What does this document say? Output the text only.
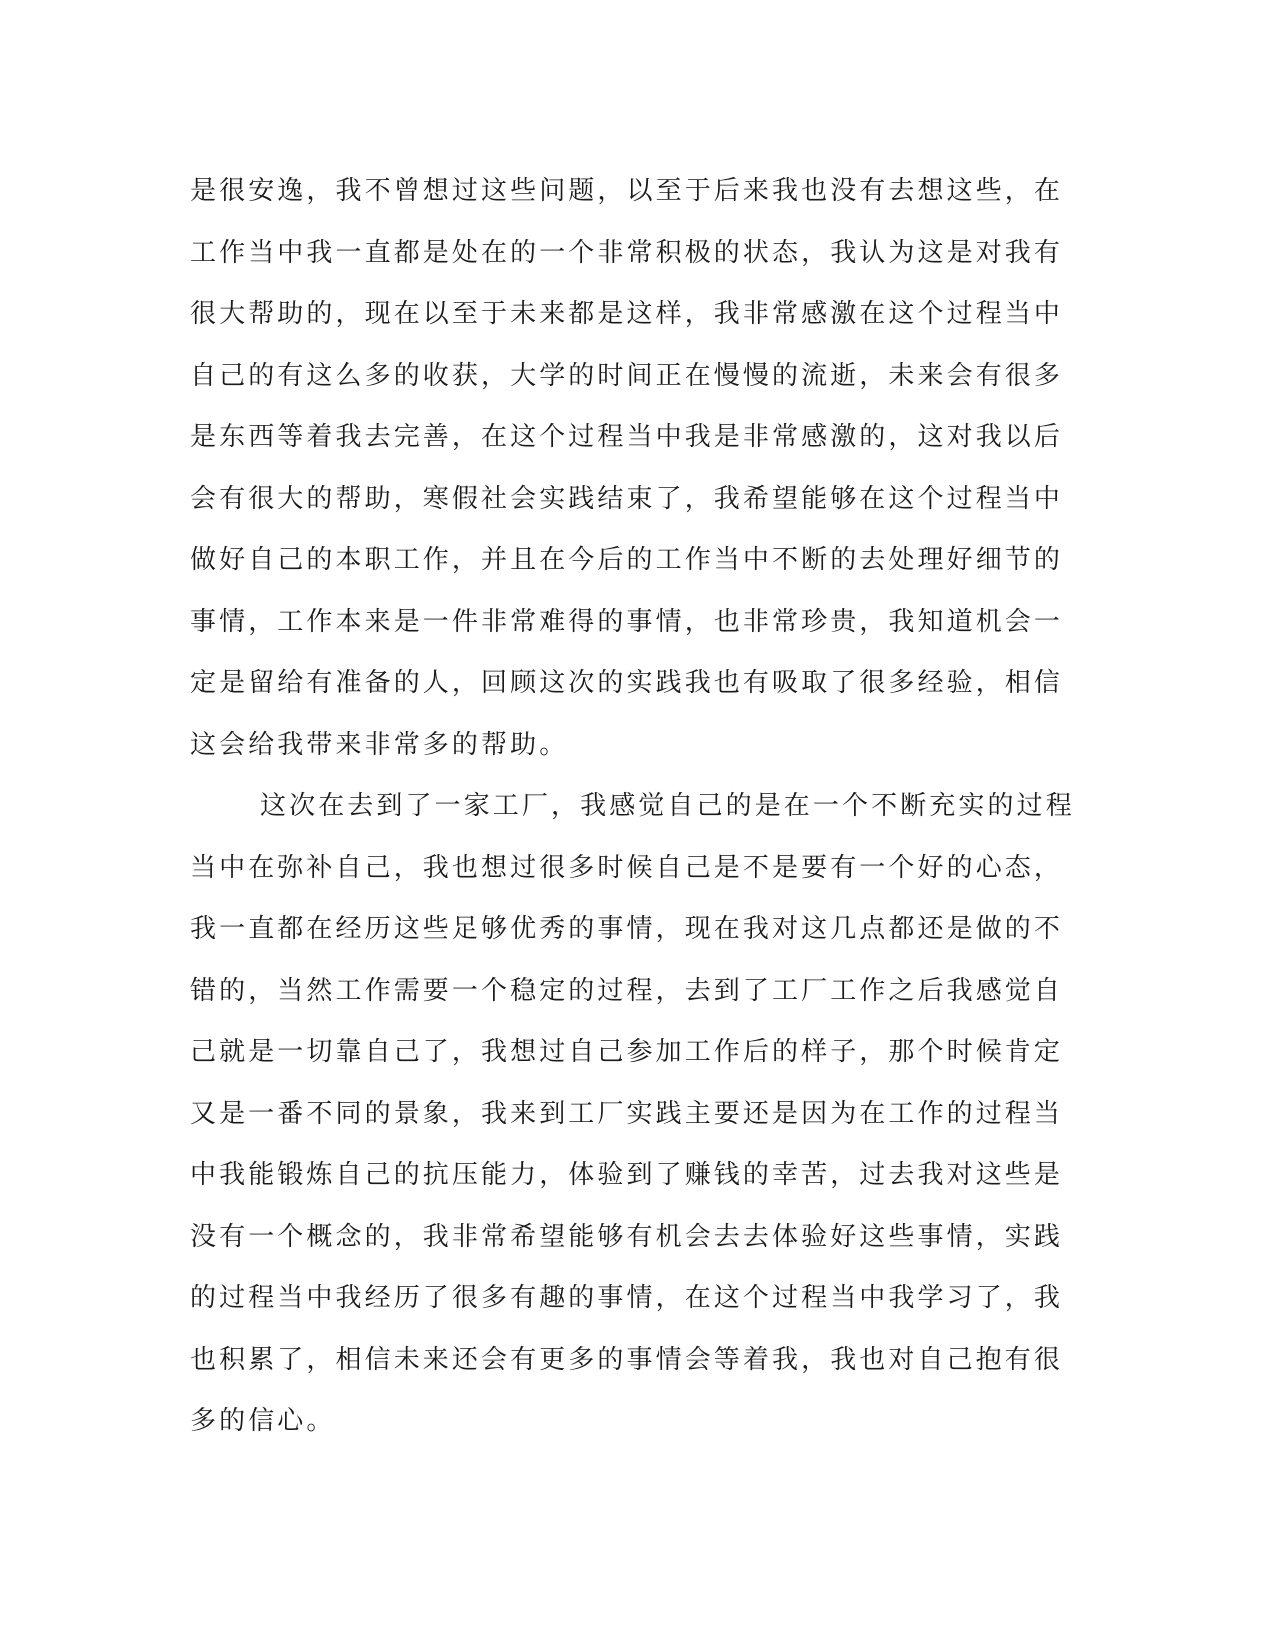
是很安逸，我不曾想过这些问题，以至于后来我也没有去想这些，在
工作当中我一直都是处在的一个非常积极的状态，我认为这是对我有
很大帮助的，现在以至于未来都是这样，我非常感激在这个过程当中
自己的有这么多的收获，大学的时间正在慢慢的流逝，未来会有很多
是东西等着我去完善，在这个过程当中我是非常感激的，这对我以后
会有很大的帮助，寒假社会实践结束了，我希望能够在这个过程当中
做好自己的本职工作，并且在今后的工作当中不断的去处理好细节的
事情，工作本来是一件非常难得的事情，也非常珍贵，我知道机会一
定是留给有准备的人，回顾这次的实践我也有吸取了很多经验，相信
这会给我带来非常多的帮助。
这次在去到了一家工厂，我感觉自己的是在一个不断充实的过程
当中在弥补自己，我也想过很多时候自己是不是要有一个好的心态，
我一直都在经历这些足够优秀的事情，现在我对这几点都还是做的不
错的，当然工作需要一个稳定的过程，去到了工厂工作之后我感觉自
己就是一切靠自己了，我想过自己参加工作后的样子，那个时候肯定
又是一番不同的景象，我来到工厂实践主要还是因为在工作的过程当
中我能锻炼自己的抗压能力，体验到了赚钱的幸苦，过去我对这些是
没有一个概念的，我非常希望能够有机会去去体验好这些事情，实践
的过程当中我经历了很多有趣的事情，在这个过程当中我学习了，我
也积累了，相信未来还会有更多的事情会等着我，我也对自己抱有很
多的信心。
